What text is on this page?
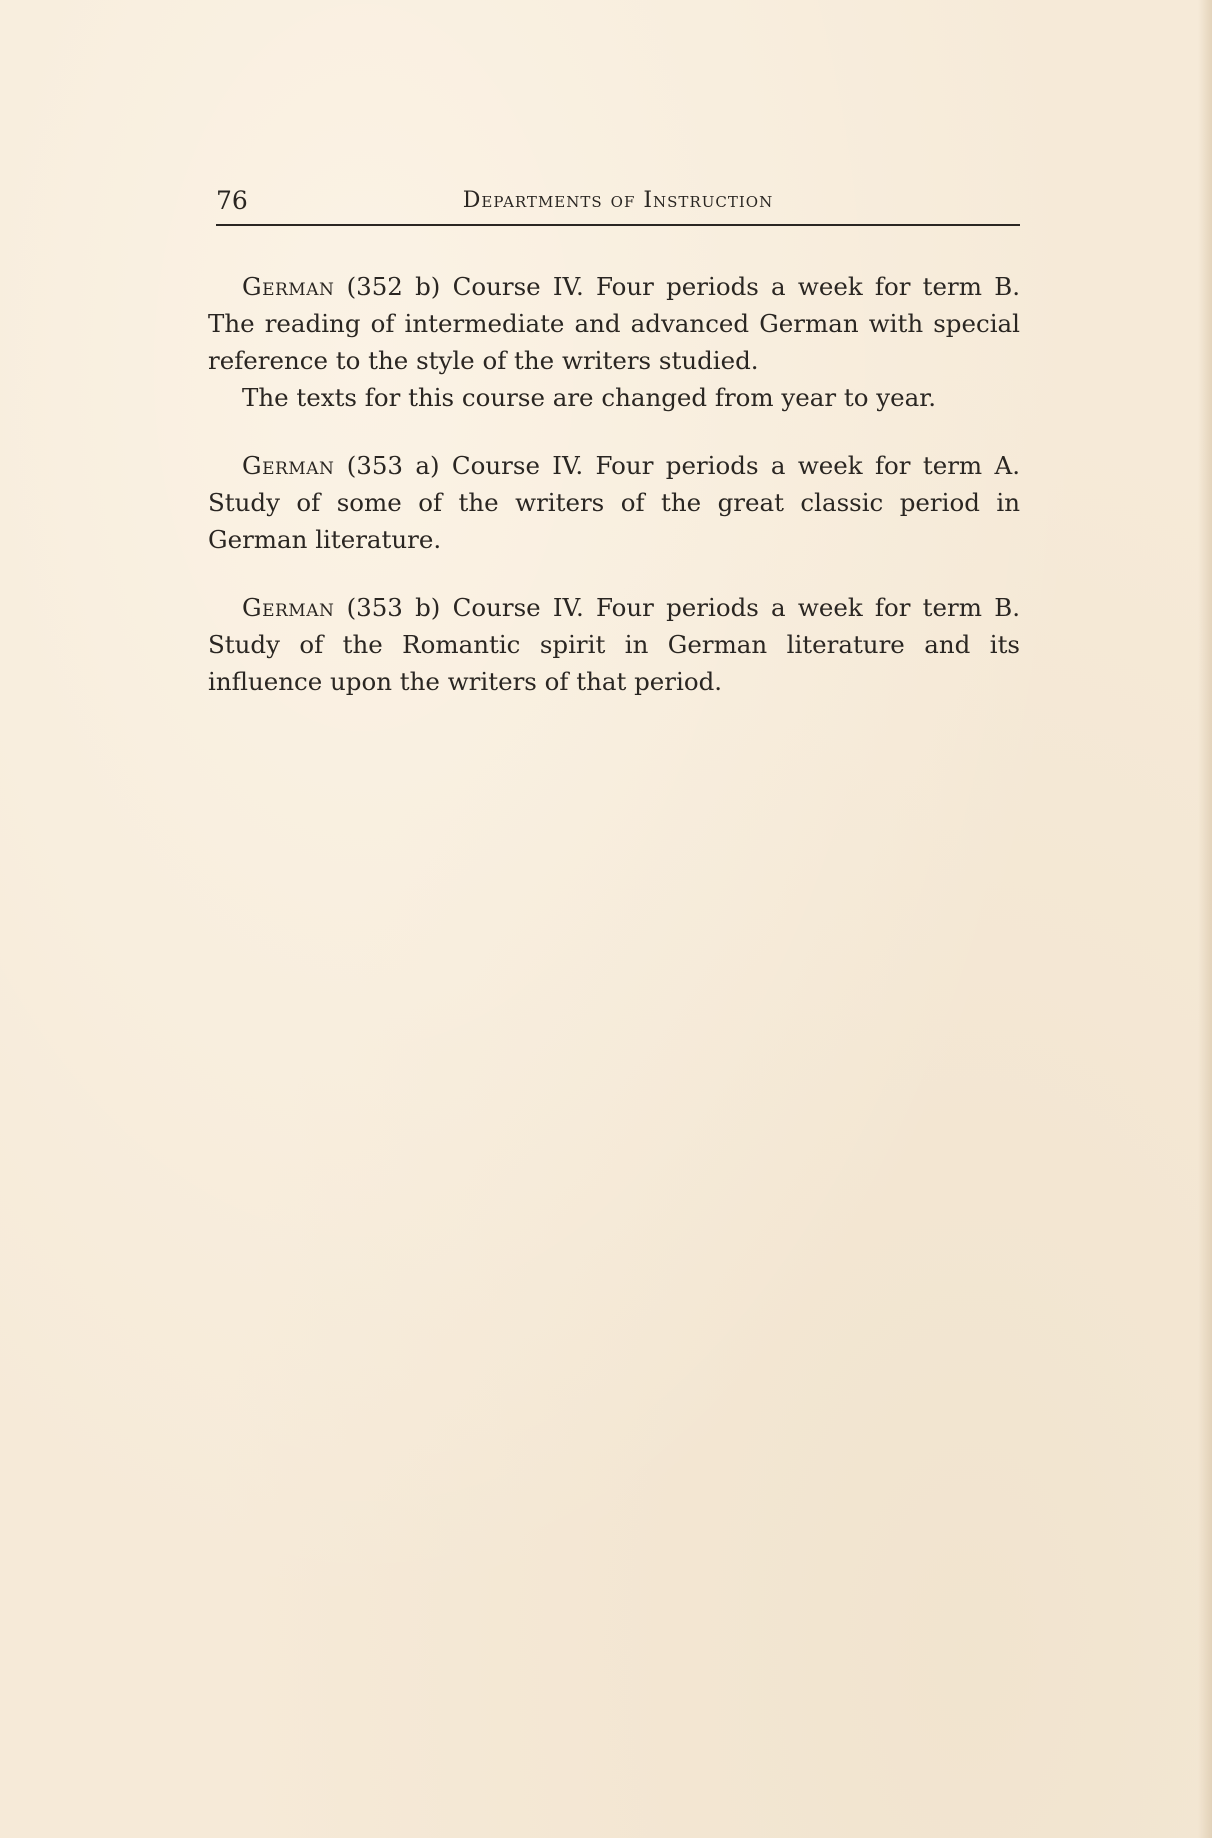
76	Departments of Instruction

German (352 b) Course IV. Four periods a week for term B. The reading of intermediate and advanced German with special reference to the style of the writers studied.

The texts for this course are changed from year to year.

German (353 a) Course IV. Four periods a week for term A. Study of some of the writers of the great classic period in German literature.

German (353 b) Course IV. Four periods a week for term B. Study of the Romantic spirit in German literature and its influence upon the writers of that period.
